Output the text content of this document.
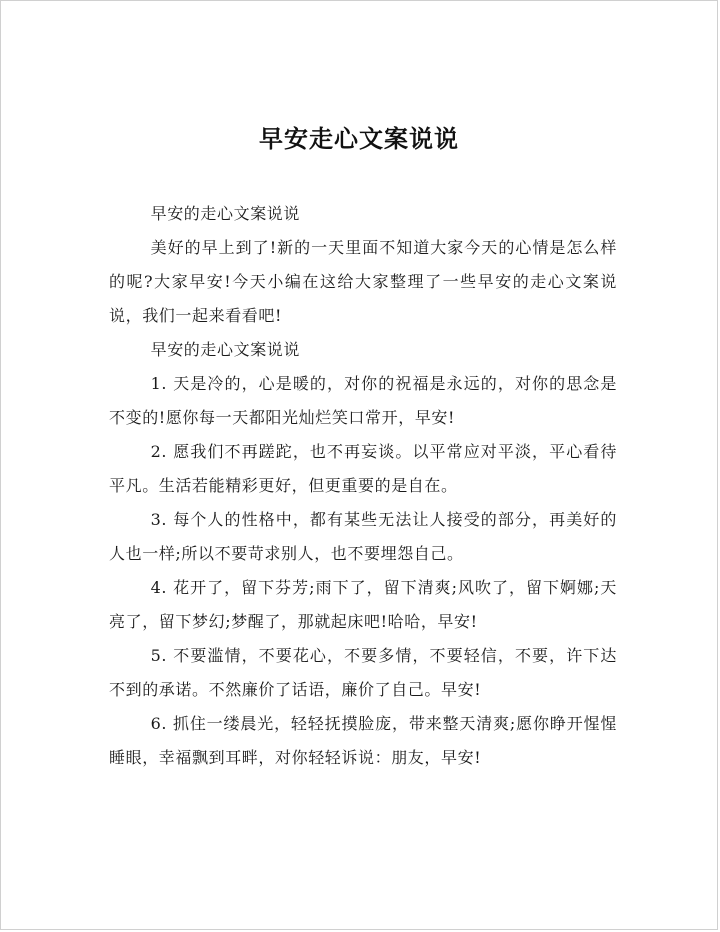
早安走心文案说说

早安的走心文案说说

美好的早上到了!新的一天里面不知道大家今天的心情是怎么样的呢?大家早安!今天小编在这给大家整理了一些早安的走心文案说说，我们一起来看看吧!

早安的走心文案说说

1. 天是冷的，心是暖的，对你的祝福是永远的，对你的思念是不变的!愿你每一天都阳光灿烂笑口常开，早安!

2. 愿我们不再蹉跎，也不再妄谈。以平常应对平淡，平心看待平凡。生活若能精彩更好，但更重要的是自在。

3. 每个人的性格中，都有某些无法让人接受的部分，再美好的人也一样;所以不要苛求别人，也不要埋怨自己。

4. 花开了，留下芬芳;雨下了，留下清爽;风吹了，留下婀娜;天亮了，留下梦幻;梦醒了，那就起床吧!哈哈，早安!

5. 不要滥情，不要花心，不要多情，不要轻信，不要，许下达不到的承诺。不然廉价了话语，廉价了自己。早安!

6. 抓住一缕晨光，轻轻抚摸脸庞，带来整天清爽;愿你睁开惺惺睡眼，幸福飘到耳畔，对你轻轻诉说：朋友，早安!
